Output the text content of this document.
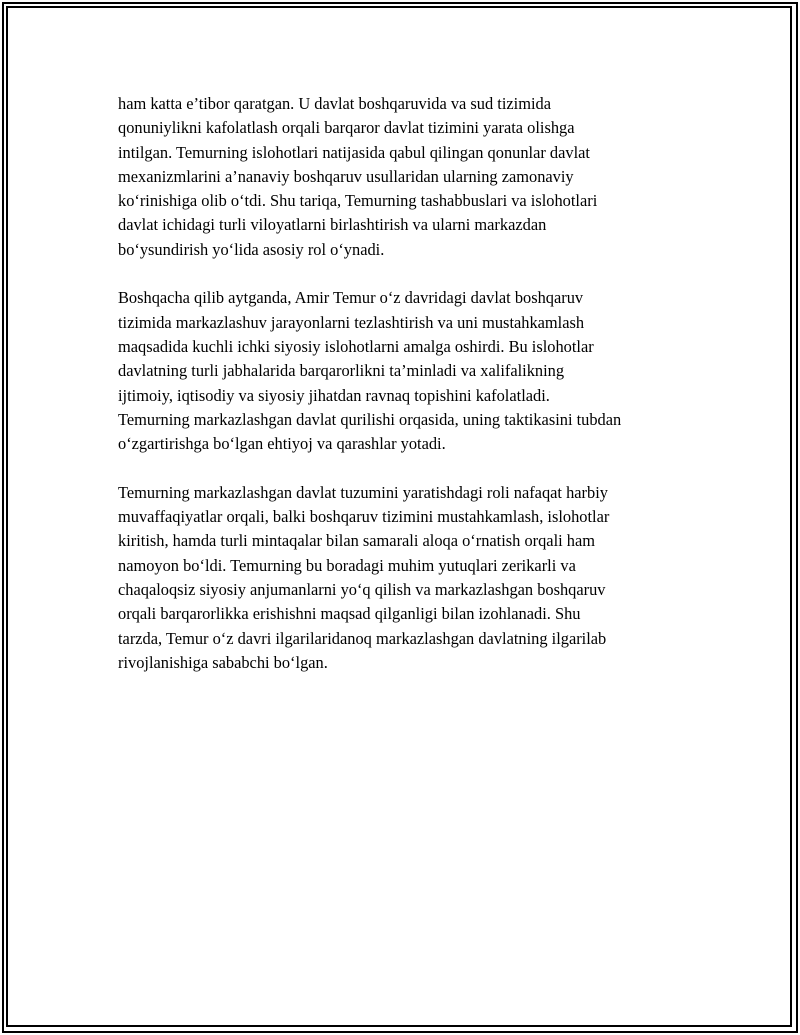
ham katta e’tibor qaratgan. U davlat boshqaruvida va sud tizimida
qonuniylikni kafolatlash orqali barqaror davlat tizimini yarata olishga
intilgan. Temurning islohotlari natijasida qabul qilingan qonunlar davlat
mexanizmlarini a’nanaviy boshqaruv usullaridan ularning zamonaviy
koʻrinishiga olib oʻtdi. Shu tariqa, Temurning tashabbuslari va islohotlari
davlat ichidagi turli viloyatlarni birlashtirish va ularni markazdan
boʻysundirish yoʻlida asosiy rol oʻynadi.

Boshqacha qilib aytganda, Amir Temur oʻz davridagi davlat boshqaruv
tizimida markazlashuv jarayonlarni tezlashtirish va uni mustahkamlash
maqsadida kuchli ichki siyosiy islohotlarni amalga oshirdi. Bu islohotlar
davlatning turli jabhalarida barqarorlikni ta’minladi va xalifalikning
ijtimoiy, iqtisodiy va siyosiy jihatdan ravnaq topishini kafolatladi.
Temurning markazlashgan davlat qurilishi orqasida, uning taktikasini tubdan
oʻzgartirishga boʻlgan ehtiyoj va qarashlar yotadi.

Temurning markazlashgan davlat tuzumini yaratishdagi roli nafaqat harbiy
muvaffaqiyatlar orqali, balki boshqaruv tizimini mustahkamlash, islohotlar
kiritish, hamda turli mintaqalar bilan samarali aloqa oʻrnatish orqali ham
namoyon boʻldi. Temurning bu boradagi muhim yutuqlari zerikarli va
chaqaloqsiz siyosiy anjumanlarni yoʻq qilish va markazlashgan boshqaruv
orqali barqarorlikka erishishni maqsad qilganligi bilan izohlanadi. Shu
tarzda, Temur oʻz davri ilgarilaridanoq markazlashgan davlatning ilgarilab
rivojlanishiga sababchi boʻlgan.
